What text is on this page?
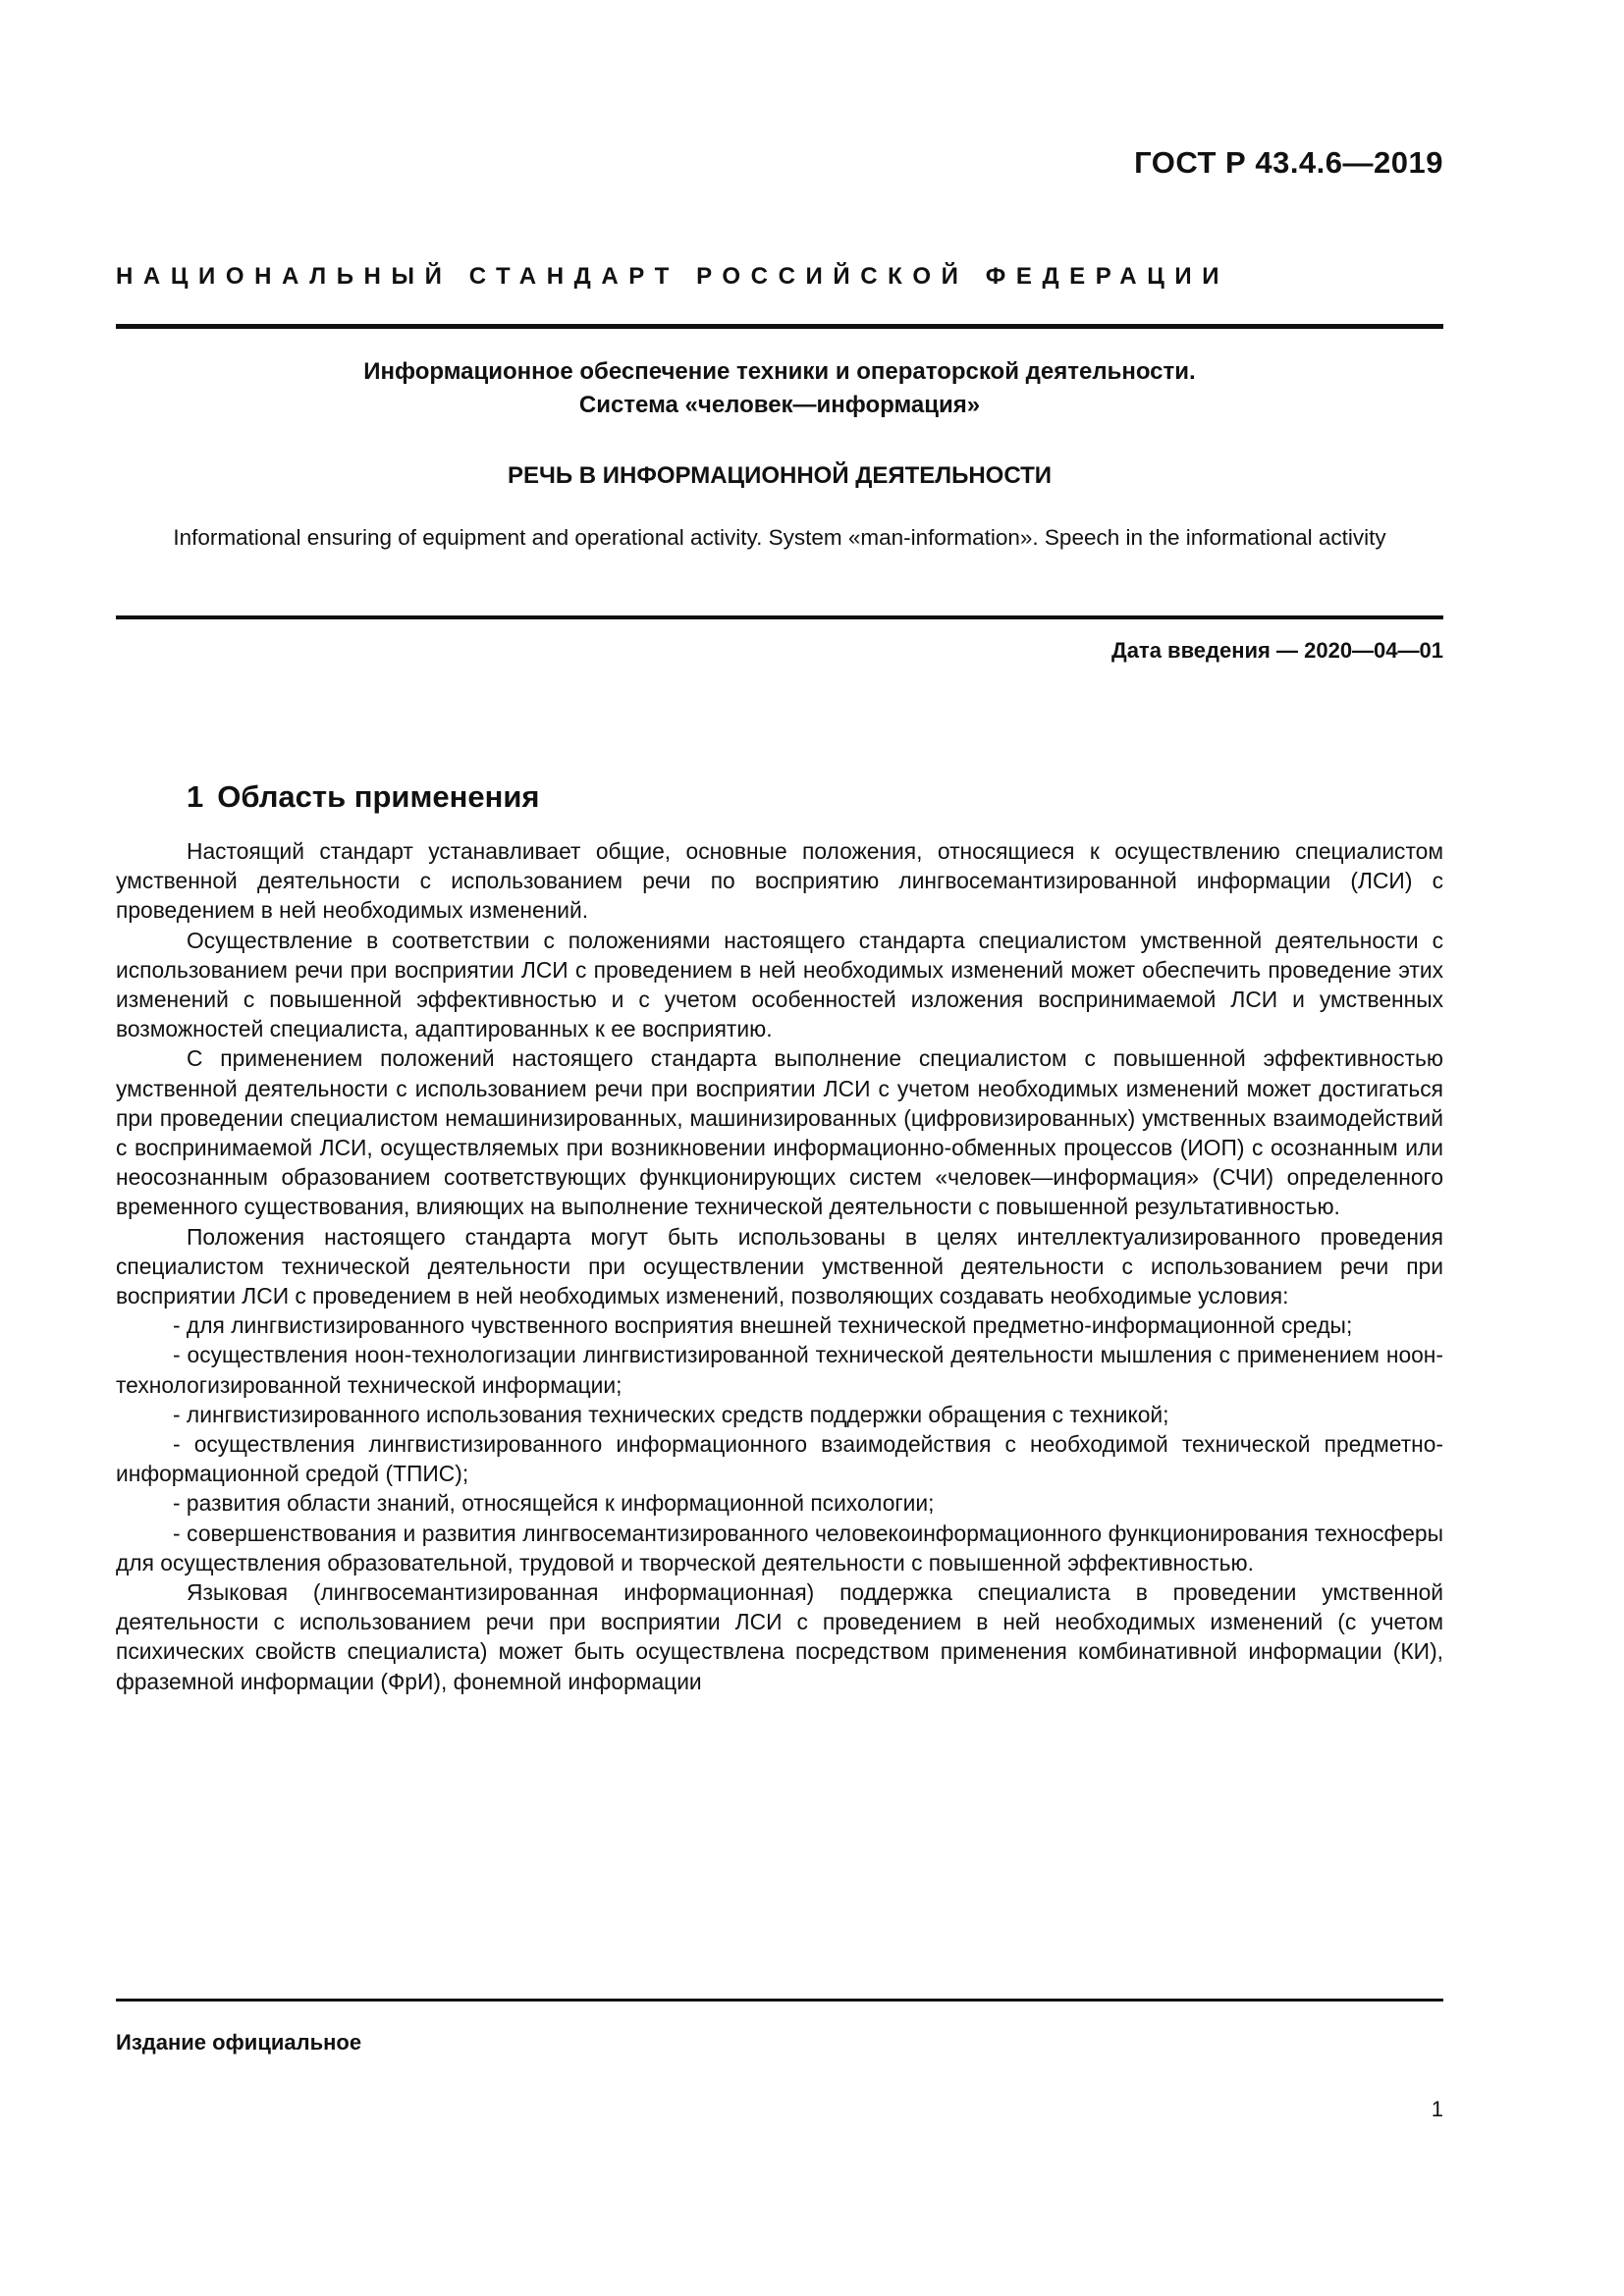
ГОСТ Р 43.4.6—2019
НАЦИОНАЛЬНЫЙ СТАНДАРТ РОССИЙСКОЙ ФЕДЕРАЦИИ
Информационное обеспечение техники и операторской деятельности.
Система «человек—информация»
РЕЧЬ В ИНФОРМАЦИОННОЙ ДЕЯТЕЛЬНОСТИ
Informational ensuring of equipment and operational activity. System «man-information». Speech in the informational activity
Дата введения — 2020—04—01
1 Область применения

Настоящий стандарт устанавливает общие, основные положения, относящиеся к осуществлению специалистом умственной деятельности с использованием речи по восприятию лингвосемантизированной информации (ЛСИ) с проведением в ней необходимых изменений.

Осуществление в соответствии с положениями настоящего стандарта специалистом умственной деятельности с использованием речи при восприятии ЛСИ с проведением в ней необходимых изменений может обеспечить проведение этих изменений с повышенной эффективностью и с учетом особенностей изложения воспринимаемой ЛСИ и умственных возможностей специалиста, адаптированных к ее восприятию.

С применением положений настоящего стандарта выполнение специалистом с повышенной эффективностью умственной деятельности с использованием речи при восприятии ЛСИ с учетом необходимых изменений может достигаться при проведении специалистом немашинизированных, машинизированных (цифровизированных) умственных взаимодействий с воспринимаемой ЛСИ, осуществляемых при возникновении информационно-обменных процессов (ИОП) с осознанным или неосознанным образованием соответствующих функционирующих систем «человек—информация» (СЧИ) определенного временного существования, влияющих на выполнение технической деятельности с повышенной результативностью.

Положения настоящего стандарта могут быть использованы в целях интеллектуализированного проведения специалистом технической деятельности при осуществлении умственной деятельности с использованием речи при восприятии ЛСИ с проведением в ней необходимых изменений, позволяющих создавать необходимые условия:

- для лингвистизированного чувственного восприятия внешней технической предметно-информационной среды;

- осуществления ноон-технологизации лингвистизированной технической деятельности мышления с применением ноон-технологизированной технической информации;

- лингвистизированного использования технических средств поддержки обращения с техникой;

- осуществления лингвистизированного информационного взаимодействия с необходимой технической предметно-информационной средой (ТПИС);

- развития области знаний, относящейся к информационной психологии;

- совершенствования и развития лингвосемантизированного человекоинформационного функционирования техносферы для осуществления образовательной, трудовой и творческой деятельности с повышенной эффективностью.

Языковая (лингвосемантизированная информационная) поддержка специалиста в проведении умственной деятельности с использованием речи при восприятии ЛСИ с проведением в ней необходимых изменений (с учетом психических свойств специалиста) может быть осуществлена посредством применения комбинативной информации (КИ), фраземной информации (ФрИ), фонемной информации

Издание официальное
1
